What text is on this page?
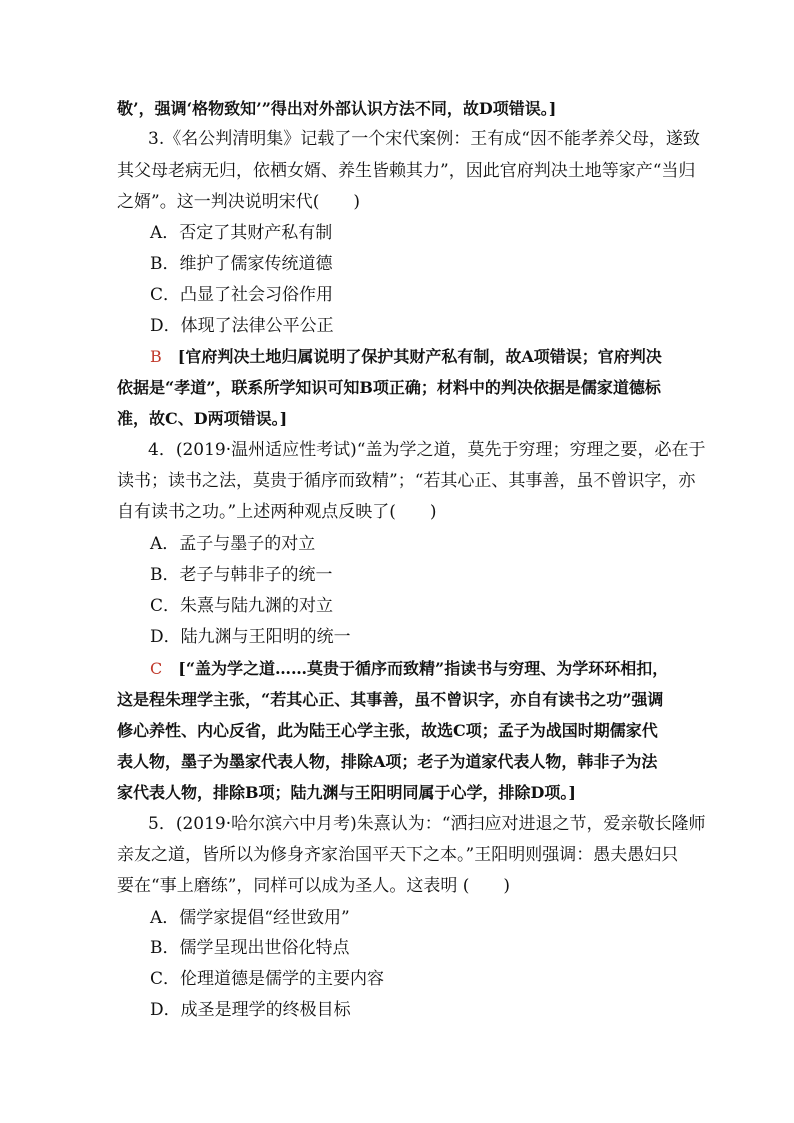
敬’，强调‘格物致知’”得出对外部认识方法不同，故D项错误。]
3.《名公判清明集》记载了一个宋代案例：王有成“因不能孝养父母，遂致
其父母老病无归，依栖女婿、养生皆赖其力”，因此官府判决土地等家产“当归
之婿”。这一判决说明宋代(　　)
A．否定了其财产私有制
B．维护了儒家传统道德
C．凸显了社会习俗作用
D．体现了法律公平公正
B　 [官府判决土地归属说明了保护其财产私有制，故A项错误；官府判决
依据是“孝道”，联系所学知识可知B项正确；材料中的判决依据是儒家道德标
准，故C、D两项错误。]
4．(2019·温州适应性考试)“盖为学之道，莫先于穷理；穷理之要，必在于
读书；读书之法，莫贵于循序而致精”；“若其心正、其事善，虽不曾识字，亦
自有读书之功。”上述两种观点反映了(　　)
A．孟子与墨子的对立
B．老子与韩非子的统一
C．朱熹与陆九渊的对立
D．陆九渊与王阳明的统一
C　 [“盖为学之道……莫贵于循序而致精”指读书与穷理、为学环环相扣，
这是程朱理学主张，“若其心正、其事善，虽不曾识字，亦自有读书之功”强调
修心养性、内心反省，此为陆王心学主张，故选C项；孟子为战国时期儒家代
表人物，墨子为墨家代表人物，排除A项；老子为道家代表人物，韩非子为法
家代表人物，排除B项；陆九渊与王阳明同属于心学，排除D项。]
5．(2019·哈尔滨六中月考)朱熹认为：“洒扫应对进退之节，爱亲敬长隆师
亲友之道，皆所以为修身齐家治国平天下之本。”王阳明则强调：愚夫愚妇只
要在“事上磨练”，同样可以成为圣人。这表明 (　　)
A．儒学家提倡“经世致用”
B．儒学呈现出世俗化特点
C．伦理道德是儒学的主要内容
D．成圣是理学的终极目标
